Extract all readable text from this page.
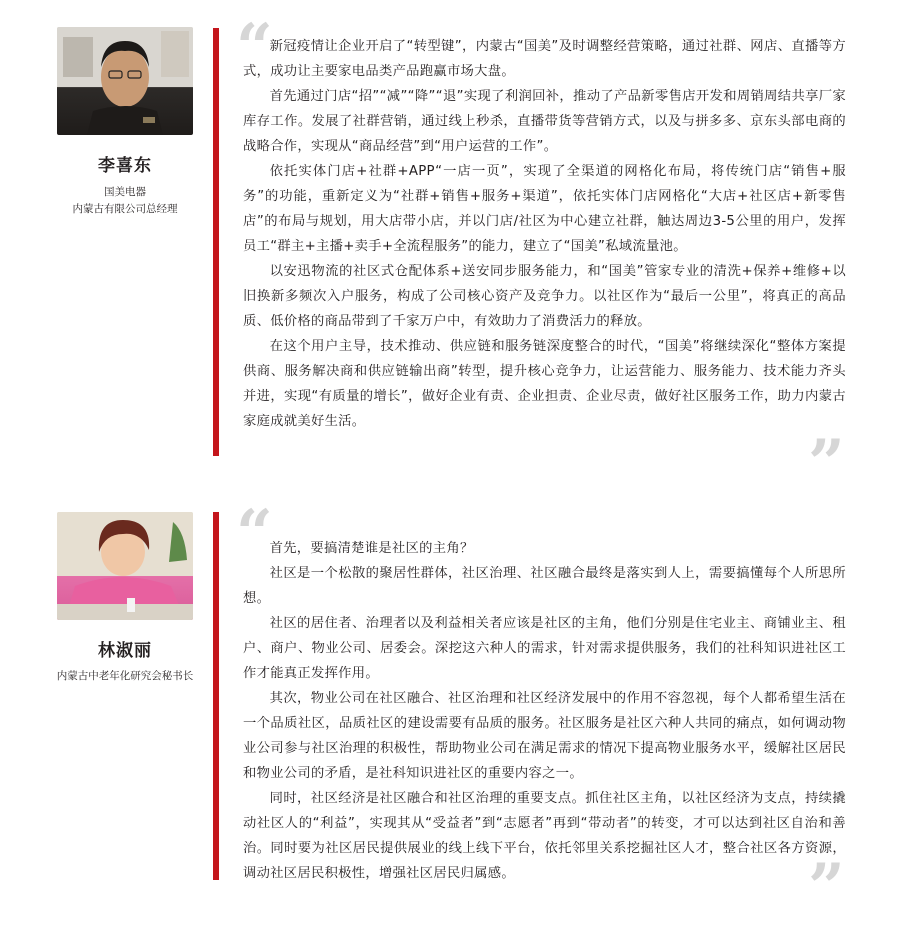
李喜东
国美电器
内蒙古有限公司总经理
“
”

新冠疫情让企业开启了“转型键”，内蒙古“国美”及时调整经营策略，通过社群、网店、直播等方式，成功让主要家电品类产品跑赢市场大盘。

首先通过门店“招”“减”“降”“退”实现了利润回补，推动了产品新零售店开发和周销周结共享厂家库存工作。发展了社群营销，通过线上秒杀，直播带货等营销方式，以及与拼多多、京东头部电商的战略合作，实现从“商品经营”到“用户运营的工作”。

依托实体门店+社群+APP“一店一页”，实现了全渠道的网格化布局，将传统门店“销售+服务”的功能，重新定义为“社群+销售+服务+渠道”，依托实体门店网格化“大店+社区店+新零售店”的布局与规划，用大店带小店，并以门店/社区为中心建立社群，触达周边3-5公里的用户，发挥员工“群主+主播+卖手+全流程服务”的能力，建立了“国美”私域流量池。

以安迅物流的社区式仓配体系+送安同步服务能力，和“国美”管家专业的清洗+保养+维修+以旧换新多频次入户服务，构成了公司核心资产及竞争力。以社区作为“最后一公里”，将真正的高品质、低价格的商品带到了千家万户中，有效助力了消费活力的释放。

在这个用户主导，技术推动、供应链和服务链深度整合的时代，“国美”将继续深化“整体方案提供商、服务解决商和供应链输出商”转型，提升核心竞争力，让运营能力、服务能力、技术能力齐头并进，实现“有质量的增长”，做好企业有责、企业担责、企业尽责，做好社区服务工作，助力内蒙古家庭成就美好生活。

林淑丽
内蒙古中老年化研究会秘书长
“
”

首先，要搞清楚谁是社区的主角？

社区是一个松散的聚居性群体，社区治理、社区融合最终是落实到人上，需要搞懂每个人所思所想。

社区的居住者、治理者以及利益相关者应该是社区的主角，他们分别是住宅业主、商铺业主、租户、商户、物业公司、居委会。深挖这六种人的需求，针对需求提供服务，我们的社科知识进社区工作才能真正发挥作用。

其次，物业公司在社区融合、社区治理和社区经济发展中的作用不容忽视，每个人都希望生活在一个品质社区，品质社区的建设需要有品质的服务。社区服务是社区六种人共同的痛点，如何调动物业公司参与社区治理的积极性，帮助物业公司在满足需求的情况下提高物业服务水平，缓解社区居民和物业公司的矛盾，是社科知识进社区的重要内容之一。

同时，社区经济是社区融合和社区治理的重要支点。抓住社区主角，以社区经济为支点，持续撬动社区人的“利益”，实现其从“受益者”到“志愿者”再到“带动者”的转变，才可以达到社区自治和善治。同时要为社区居民提供展业的线上线下平台，依托邻里关系挖掘社区人才，整合社区各方资源，调动社区居民积极性，增强社区居民归属感。
